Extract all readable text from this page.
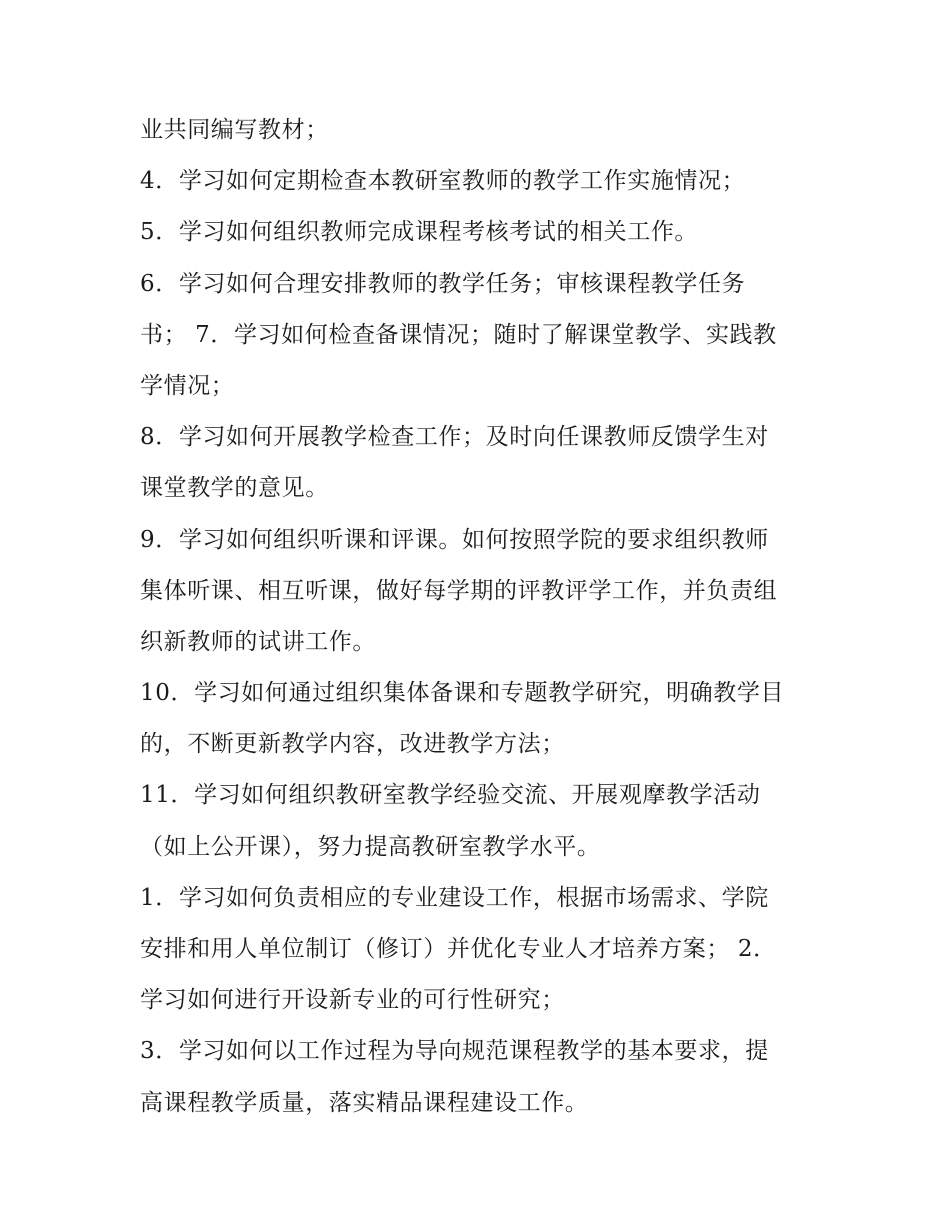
业共同编写教材；
4．学习如何定期检查本教研室教师的教学工作实施情况；
5．学习如何组织教师完成课程考核考试的相关工作。
6．学习如何合理安排教师的教学任务；审核课程教学任务
书； 7．学习如何检查备课情况；随时了解课堂教学、实践教
学情况；
8．学习如何开展教学检查工作；及时向任课教师反馈学生对
课堂教学的意见。
9．学习如何组织听课和评课。如何按照学院的要求组织教师
集体听课、相互听课，做好每学期的评教评学工作，并负责组
织新教师的试讲工作。
10．学习如何通过组织集体备课和专题教学研究，明确教学目
的，不断更新教学内容，改进教学方法；
11．学习如何组织教研室教学经验交流、开展观摩教学活动
（如上公开课），努力提高教研室教学水平。
1．学习如何负责相应的专业建设工作，根据市场需求、学院
安排和用人单位制订（修订）并优化专业人才培养方案； 2．
学习如何进行开设新专业的可行性研究；
3．学习如何以工作过程为导向规范课程教学的基本要求，提
高课程教学质量，落实精品课程建设工作。
